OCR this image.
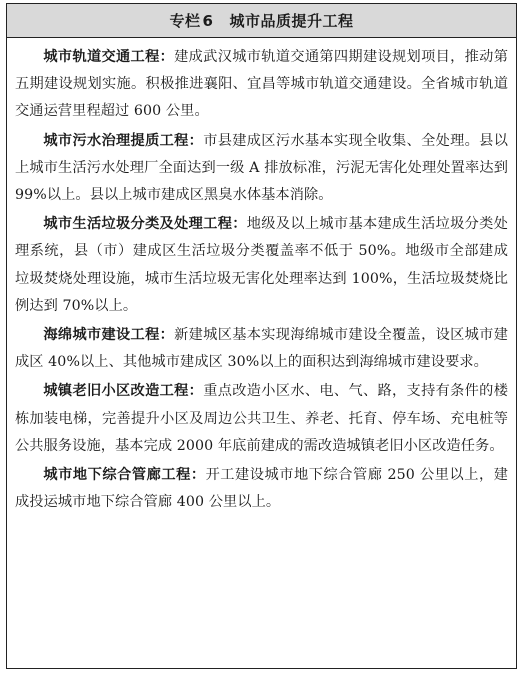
专栏 6 城市品质提升工程

城市轨道交通工程：建成武汉城市轨道交通第四期建设规划项目，推动第五期建设规划实施。积极推进襄阳、宜昌等城市轨道交通建设。全省城市轨道交通运营里程超过 600 公里。

城市污水治理提质工程：市县建成区污水基本实现全收集、全处理。县以上城市生活污水处理厂全面达到一级 A 排放标准，污泥无害化处理处置率达到 99%以上。县以上城市建成区黑臭水体基本消除。

城市生活垃圾分类及处理工程：地级及以上城市基本建成生活垃圾分类处理系统，县（市）建成区生活垃圾分类覆盖率不低于 50%。地级市全部建成垃圾焚烧处理设施，城市生活垃圾无害化处理率达到 100%，生活垃圾焚烧比例达到 70%以上。

海绵城市建设工程：新建城区基本实现海绵城市建设全覆盖，设区城市建成区 40%以上、其他城市建成区 30%以上的面积达到海绵城市建设要求。

城镇老旧小区改造工程：重点改造小区水、电、气、路，支持有条件的楼栋加装电梯，完善提升小区及周边公共卫生、养老、托育、停车场、充电桩等公共服务设施，基本完成 2000 年底前建成的需改造城镇老旧小区改造任务。

城市地下综合管廊工程：开工建设城市地下综合管廊 250 公里以上，建成投运城市地下综合管廊 400 公里以上。
